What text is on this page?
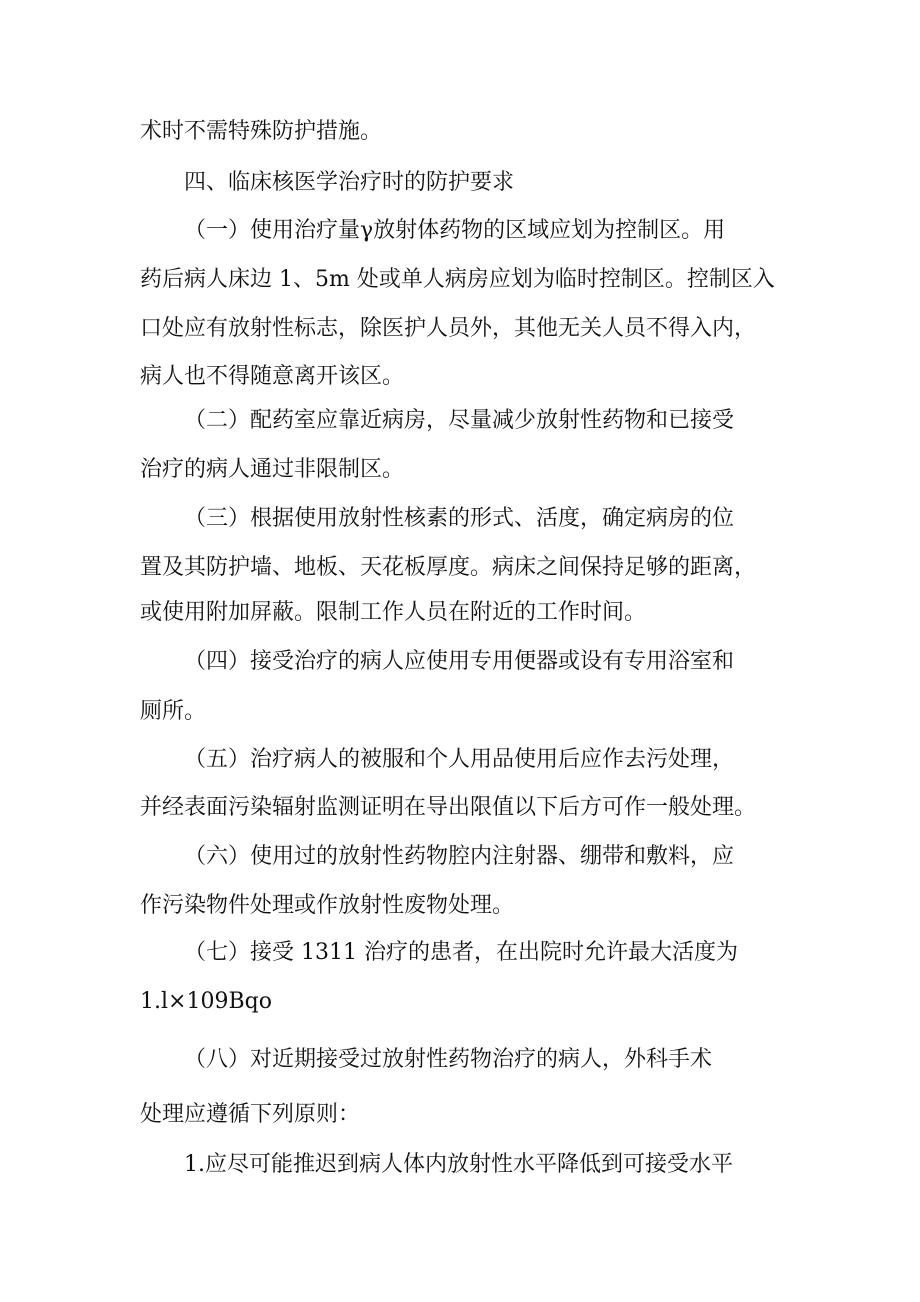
术时不需特殊防护措施。
四、临床核医学治疗时的防护要求
（一）使用治疗量γ放射体药物的区域应划为控制区。用
药后病人床边 1、5m 处或单人病房应划为临时控制区。控制区入
口处应有放射性标志，除医护人员外，其他无关人员不得入内，
病人也不得随意离开该区。
（二）配药室应靠近病房，尽量减少放射性药物和已接受
治疗的病人通过非限制区。
（三）根据使用放射性核素的形式、活度，确定病房的位
置及其防护墙、地板、天花板厚度。病床之间保持足够的距离，
或使用附加屏蔽。限制工作人员在附近的工作时间。
（四）接受治疗的病人应使用专用便器或设有专用浴室和
厕所。
（五）治疗病人的被服和个人用品使用后应作去污处理，
并经表面污染辐射监测证明在导出限值以下后方可作一般处理。
（六）使用过的放射性药物腔内注射器、绷带和敷料，应
作污染物件处理或作放射性废物处理。
（七）接受 1311 治疗的患者，在出院时允许最大活度为
1.l×109Bqo
（八）对近期接受过放射性药物治疗的病人，外科手术
处理应遵循下列原则：
1.应尽可能推迟到病人体内放射性水平降低到可接受水平
